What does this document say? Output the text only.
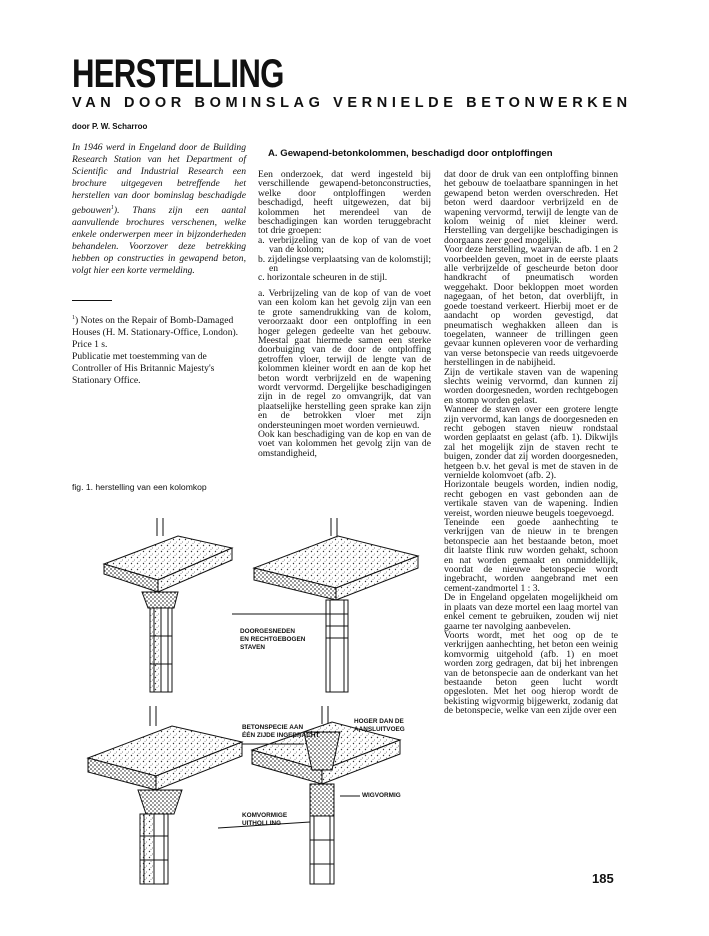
HERSTELLING
VAN DOOR BOMINSLAG VERNIELDE BETONWERKEN
door P. W. Scharroo
In 1946 werd in Engeland door de Building Research Station van het Department of Scientific and Industrial Research een brochure uitgegeven betreffende het herstellen van door bominslag beschadigde gebouwen$^1$). Thans zijn een aantal aanvullende brochures verschenen, welke enkele onderwerpen meer in bijzonderheden behandelen. Voorzover deze betrekking hebben op constructies in gewapend beton, volgt hier een korte vermelding.

$^1$) Notes on the Repair of Bomb-Damaged Houses (H. M. Stationary-Office, London). Price 1 s.

Publicatie met toestemming van de Controller of His Britannic Majesty's Stationary Office.

A. Gewapend-betonkolommen, beschadigd door ontploffingen

Een onderzoek, dat werd ingesteld bij verschillende gewapend-betonconstructies, welke door ontploffingen werden beschadigd, heeft uitgewezen, dat bij kolommen het merendeel van de beschadigingen kan worden teruggebracht tot drie groepen:

a. verbrijzeling van de kop of van de voet van de kolom;

b. zijdelingse verplaatsing van de kolomstijl; en

c. horizontale scheuren in de stijl.

a. Verbrijzeling van de kop of van de voet van een kolom kan het gevolg zijn van een te grote samendrukking van de kolom, veroorzaakt door een ontploffing in een hoger gelegen gedeelte van het gebouw. Meestal gaat hiermede samen een sterke doorbuiging van de door de ontploffing getroffen vloer, terwijl de lengte van de kolommen kleiner wordt en aan de kop het beton wordt verbrijzeld en de wapening wordt vervormd. Dergelijke beschadigingen zijn in de regel zo omvangrijk, dat van plaatselijke herstelling geen sprake kan zijn en de betrokken vloer met zijn ondersteuningen moet worden vernieuwd.

Ook kan beschadiging van de kop en van de voet van kolommen het gevolg zijn van de omstandigheid,

dat door de druk van een ontploffing binnen het gebouw de toelaatbare spanningen in het gewapend beton werden overschreden. Het beton werd daardoor verbrijzeld en de wapening vervormd, terwijl de lengte van de kolom weinig of niet kleiner werd. Herstelling van dergelijke beschadigingen is doorgaans zeer goed mogelijk.

Voor deze herstelling, waarvan de afb. 1 en 2 voorbeelden geven, moet in de eerste plaats alle verbrijzelde of gescheurde beton door handkracht of pneumatisch worden weggehakt. Door bekloppen moet worden nagegaan, of het beton, dat overblijft, in goede toestand verkeert. Hierbij moet er de aandacht op worden gevestigd, dat pneumatisch weghakken alleen dan is toegelaten, wanneer de trillingen geen gevaar kunnen opleveren voor de verharding van verse betonspecie van reeds uitgevoerde herstellingen in de nabijheid.

Zijn de vertikale staven van de wapening slechts weinig vervormd, dan kunnen zij worden doorgesneden, worden rechtgebogen en stomp worden gelast.

Wanneer de staven over een grotere lengte zijn vervormd, kan langs de doorgesneden en recht gebogen staven nieuw rondstaal worden geplaatst en gelast (afb. 1). Dikwijls zal het mogelijk zijn de staven recht te buigen, zonder dat zij worden doorgesneden, hetgeen b.v. het geval is met de staven in de vernielde kolomvoet (afb. 2).

Horizontale beugels worden, indien nodig, recht gebogen en vast gebonden aan de vertikale staven van de wapening. Indien vereist, worden nieuwe beugels toegevoegd.

Teneinde een goede aanhechting te verkrijgen van de nieuw in te brengen betonspecie aan het bestaande beton, moet dit laatste flink ruw worden gehakt, schoon en nat worden gemaakt en onmiddellijk, voordat de nieuwe betonspecie wordt ingebracht, worden aangebrand met een cement-zandmortel 1 : 3.

De in Engeland opgelaten mogelijkheid om in plaats van deze mortel een laag mortel van enkel cement te gebruiken, zouden wij niet gaarne ter navolging aanbevelen.

Voorts wordt, met het oog op de te verkrijgen aanhechting, het beton een weinig komvormig uitgehold (afb. 1) en moet worden zorg gedragen, dat bij het inbrengen van de betonspecie aan de onderkant van het bestaande beton geen lucht wordt opgesloten. Met het oog hierop wordt de bekisting wigvormig bijgewerkt, zodanig dat de betonspecie, welke van een zijde over een

fig. 1. herstelling van een kolomkop
DOORGESNEDEN
EN RECHTGEBOGEN
STAVEN
BETONSPECIE AAN
ÉÉN ZIJDE INGEBRACHT
HOGER DAN DE
AANSLUITVOEG
WIGVORMIG
KOMVORMIGE
UITHOLLING
185
